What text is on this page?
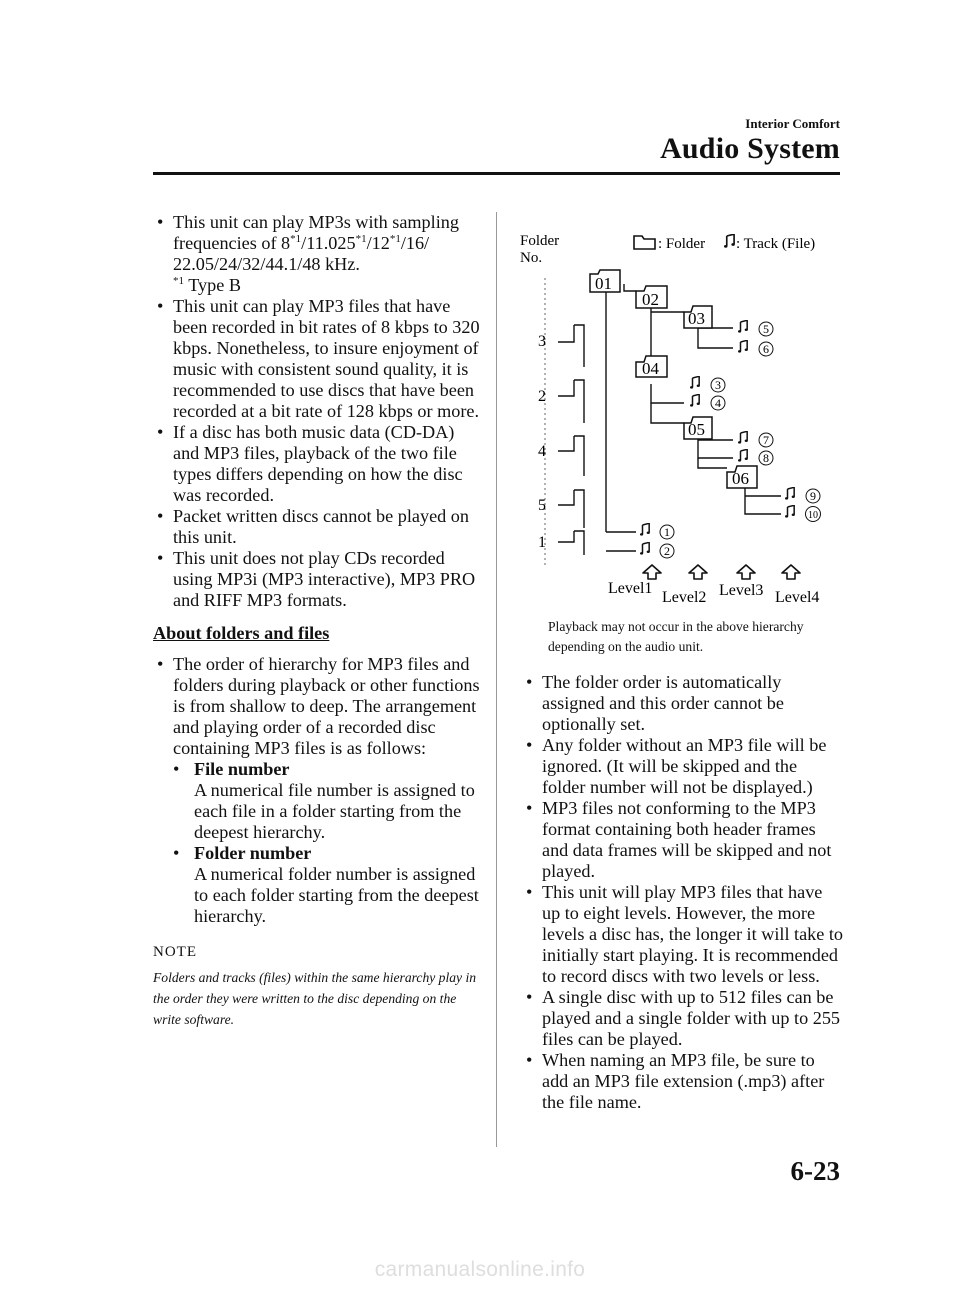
Interior Comfort
Audio System

• This unit can play MP3s with sampling frequencies of 8$^{*1}$/11.025$^{*1}$/12$^{*1}$/16/ 22.05/24/32/44.1/48 kHz.
$^{*1}$ Type B

• This unit can play MP3 files that have been recorded in bit rates of 8 kbps to 320 kbps. Nonetheless, to insure enjoyment of music with consistent sound quality, it is recommended to use discs that have been recorded at a bit rate of 128 kbps or more.

• If a disc has both music data (CD-DA) and MP3 files, playback of the two file types differs depending on how the disc was recorded.

• Packet written discs cannot be played on this unit.

• This unit does not play CDs recorded using MP3i (MP3 interactive), MP3 PRO and RIFF MP3 formats.

About folders and files

• The order of hierarchy for MP3 files and folders during playback or other functions is from shallow to deep. The arrangement and playing order of a recorded disc containing MP3 files is as follows:

• File number
A numerical file number is assigned to each file in a folder starting from the deepest hierarchy.

• Folder number
A numerical folder number is assigned to each folder starting from the deepest hierarchy.

NOTE

Folders and tracks (files) within the same hierarchy play in the order they were written to the disc depending on the write software.

Folder No.
: Folder : Track (File)
3
2
4
5
1
01
02
03
04
05
06
5
6
3
4
7
8
9
10
1
2
Level1
Level2 Level3 Level4
Playback may not occur in the above hierarchy depending on the audio unit.

• The folder order is automatically assigned and this order cannot be optionally set.

• Any folder without an MP3 file will be ignored. (It will be skipped and the folder number will not be displayed.)

• MP3 files not conforming to the MP3 format containing both header frames and data frames will be skipped and not played.

• This unit will play MP3 files that have up to eight levels. However, the more levels a disc has, the longer it will take to initially start playing. It is recommended to record discs with two levels or less.

• A single disc with up to 512 files can be played and a single folder with up to 255 files can be played.

• When naming an MP3 file, be sure to add an MP3 file extension (.mp3) after the file name.

6-23
carmanualsonline.info
